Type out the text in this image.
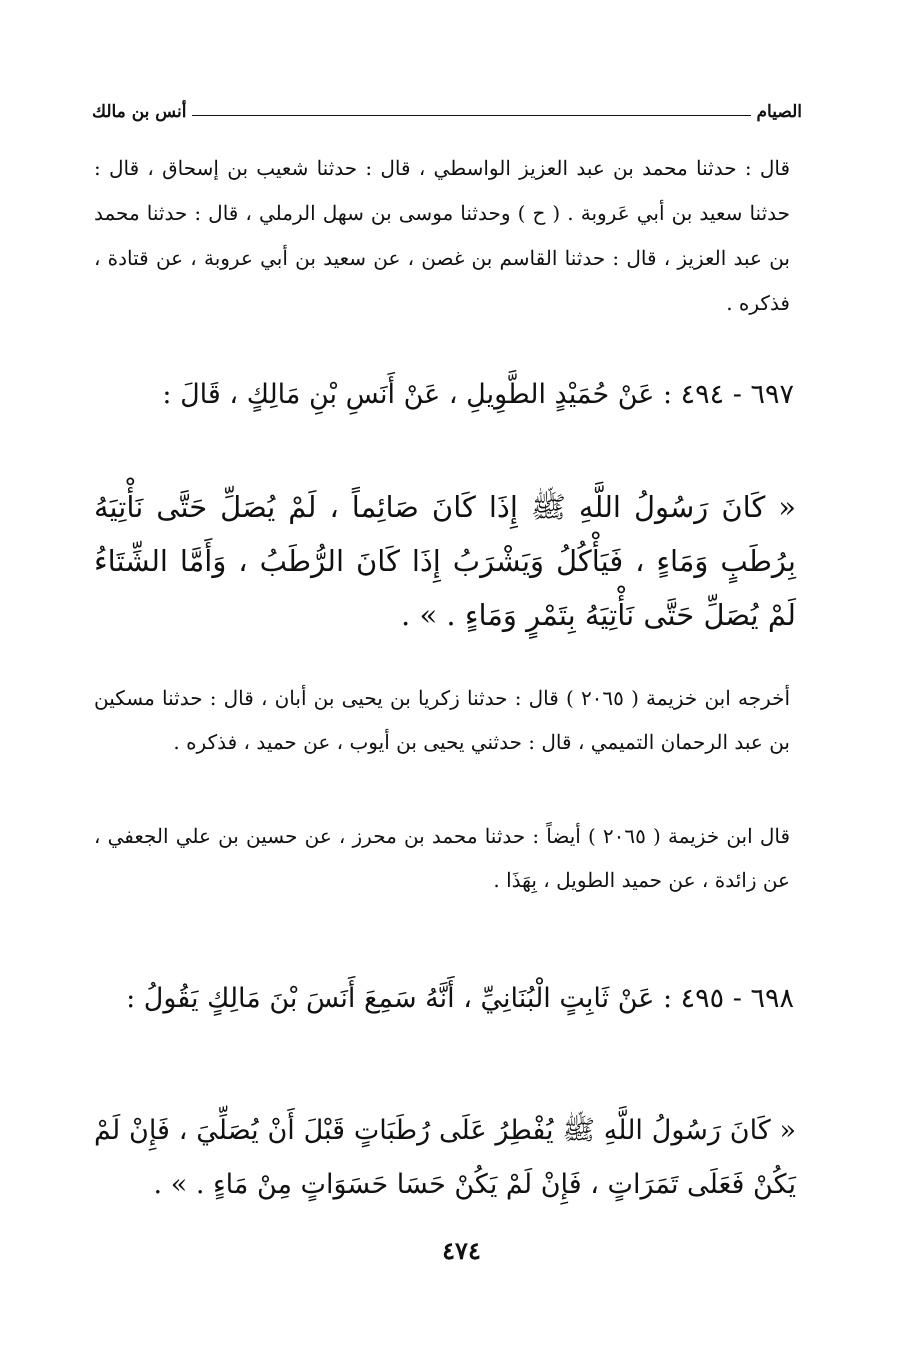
الصيام
أنس بن مالك
قال : حدثنا محمد بن عبد العزيز الواسطي ، قال : حدثنا شعيب بن إسحاق ، قال : حدثنا سعيد بن أبي عَروبة . ( ح ) وحدثنا موسى بن سهل الرملي ، قال : حدثنا محمد بن عبد العزيز ، قال : حدثنا القاسم بن غصن ، عن سعيد بن أبي عروبة ، عن قتادة ، فذكره .
٦٩٧ - ٤٩٤ : عَنْ حُمَيْدٍ الطَّوِيلِ ، عَنْ أَنَسِ بْنِ مَالِكٍ ، قَالَ :
« كَانَ رَسُولُ اللَّهِ ﷺ إِذَا كَانَ صَائِماً ، لَمْ يُصَلِّ حَتَّى نَأْتِيَهُ بِرُطَبٍ وَمَاءٍ ، فَيَأْكُلُ وَيَشْرَبُ إِذَا كَانَ الرُّطَبُ ، وَأَمَّا الشِّتَاءُ لَمْ يُصَلِّ حَتَّى نَأْتِيَهُ بِتَمْرٍ وَمَاءٍ . » .
أخرجه ابن خزيمة ( ٢٠٦٥ ) قال : حدثنا زكريا بن يحيى بن أبان ، قال : حدثنا مسكين بن عبد الرحمان التميمي ، قال : حدثني يحيى بن أيوب ، عن حميد ، فذكره .
قال ابن خزيمة ( ٢٠٦٥ ) أيضاً : حدثنا محمد بن محرز ، عن حسين بن علي الجعفي ، عن زائدة ، عن حميد الطويل ، بِهَذَا .
٦٩٨ - ٤٩٥ : عَنْ ثَابِتٍ الْبُنَانِيِّ ، أَنَّهُ سَمِعَ أَنَسَ بْنَ مَالِكٍ يَقُولُ :
« كَانَ رَسُولُ اللَّهِ ﷺ يُفْطِرُ عَلَى رُطَبَاتٍ قَبْلَ أَنْ يُصَلِّيَ ، فَإِنْ لَمْ يَكُنْ فَعَلَى تَمَرَاتٍ ، فَإِنْ لَمْ يَكُنْ حَسَا حَسَوَاتٍ مِنْ مَاءٍ . » .
٤٧٤
